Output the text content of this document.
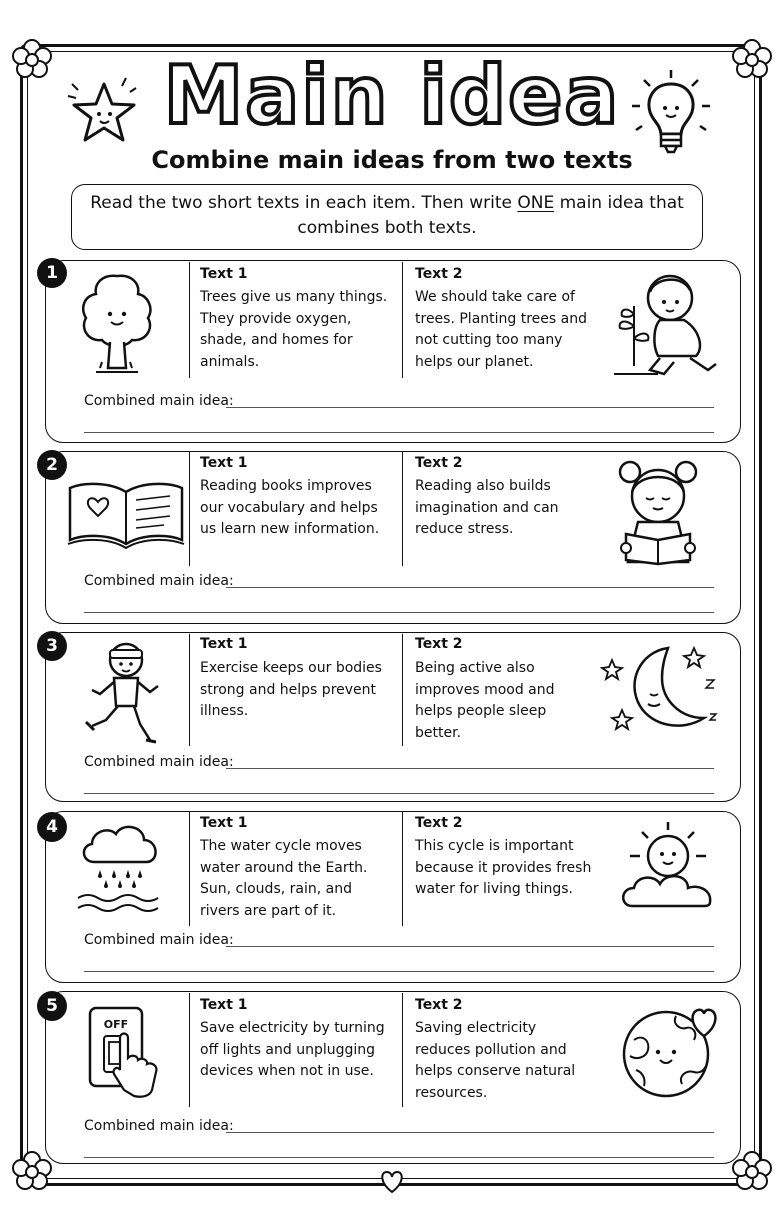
Main idea
Combine main ideas from two texts
Read the two short texts in each item. Then write ONE main idea that combines both texts.
1	Text 1
Trees give us many things. They provide oxygen, shade, and homes for animals.
Text 2
We should take care of trees. Planting trees and not cutting too many helps our planet.
Combined main idea:
2	Text 1
Reading books improves our vocabulary and helps us learn new information.
Text 2
Reading also builds imagination and can reduce stress.
Combined main idea:
3	Text 1
Exercise keeps our bodies strong and helps prevent illness.
Text 2
Being active also improves mood and helps people sleep better.
Combined main idea:
4	Text 1
The water cycle moves water around the Earth. Sun, clouds, rain, and rivers are part of it.
Text 2
This cycle is important because it provides fresh water for living things.
Combined main idea:
5	Text 1
Save electricity by turning off lights and unplugging devices when not in use.
Text 2
Saving electricity reduces pollution and helps conserve natural resources.
Combined main idea:
OFF
